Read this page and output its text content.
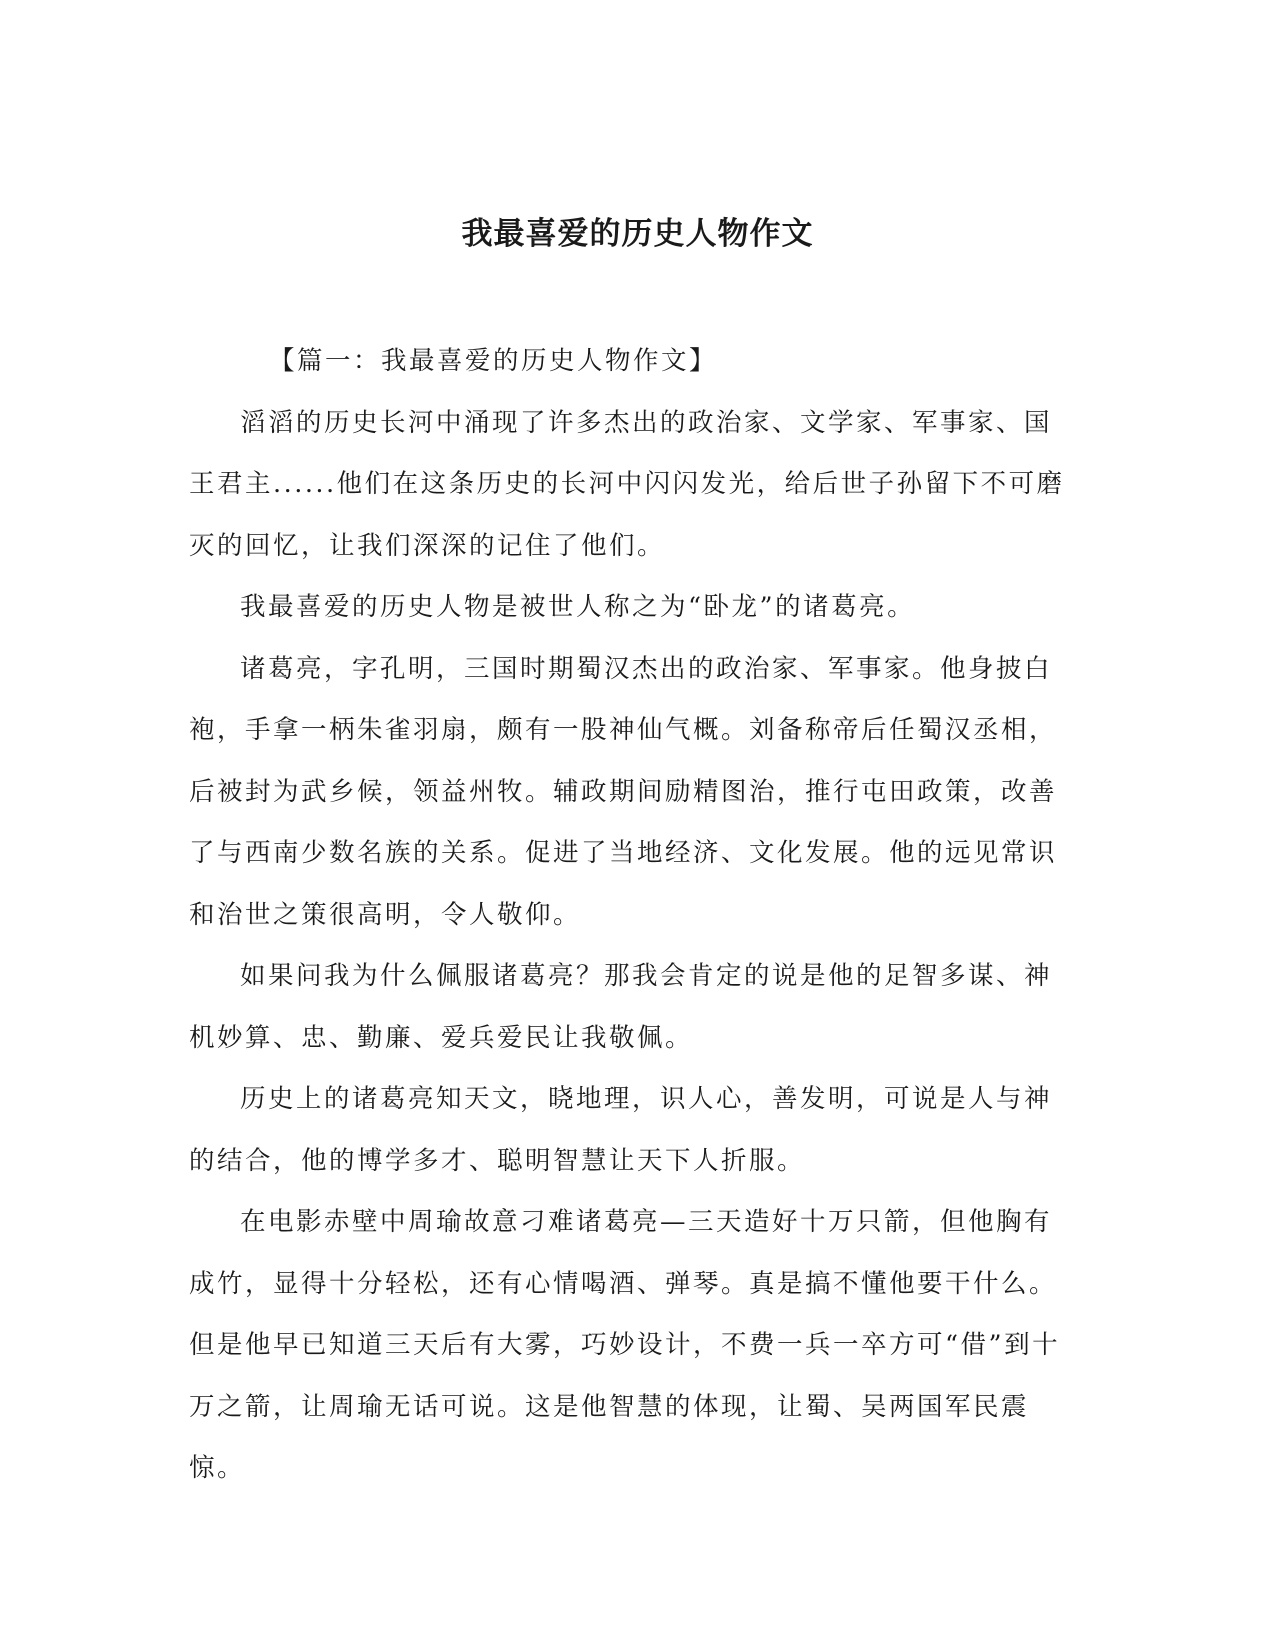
我最喜爱的历史人物作文

【篇一：我最喜爱的历史人物作文】

滔滔的历史长河中涌现了许多杰出的政治家、文学家、军事家、国王君主......他们在这条历史的长河中闪闪发光，给后世子孙留下不可磨灭的回忆，让我们深深的记住了他们。

我最喜爱的历史人物是被世人称之为“卧龙”的诸葛亮。

诸葛亮，字孔明，三国时期蜀汉杰出的政治家、军事家。他身披白袍，手拿一柄朱雀羽扇，颇有一股神仙气概。刘备称帝后任蜀汉丞相，后被封为武乡候，领益州牧。辅政期间励精图治，推行屯田政策，改善了与西南少数名族的关系。促进了当地经济、文化发展。他的远见常识和治世之策很高明，令人敬仰。

如果问我为什么佩服诸葛亮？那我会肯定的说是他的足智多谋、神机妙算、忠、勤廉、爱兵爱民让我敬佩。

历史上的诸葛亮知天文，晓地理，识人心，善发明，可说是人与神的结合，他的博学多才、聪明智慧让天下人折服。

在电影赤壁中周瑜故意刁难诸葛亮—三天造好十万只箭，但他胸有成竹，显得十分轻松，还有心情喝酒、弹琴。真是搞不懂他要干什么。但是他早已知道三天后有大雾，巧妙设计，不费一兵一卒方可“借”到十万之箭，让周瑜无话可说。这是他智慧的体现，让蜀、吴两国军民震惊。
